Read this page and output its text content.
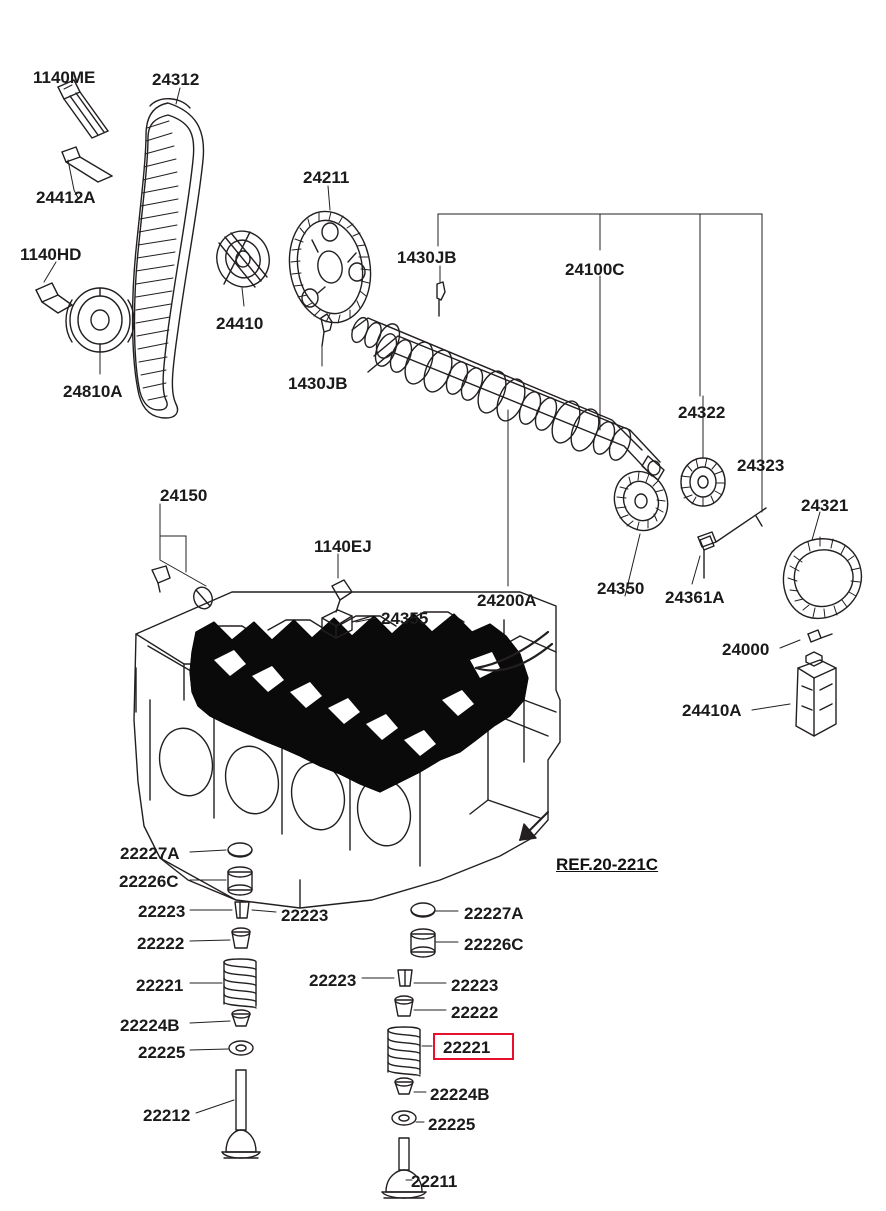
1140ME	24312
24412A
1140HD
24211
1430JB
24100C
24410
24810A	1430JB
24322
24323
24321
24150
1140EJ
24355
24200A
24350 24361A
24000
24410A
22227A
22226C
22223	22223
22222
22221
22224B
22225
22212
22227A
22226C
22223	22223
22222
22224B
22225
22211
REF.20-221C
22221
